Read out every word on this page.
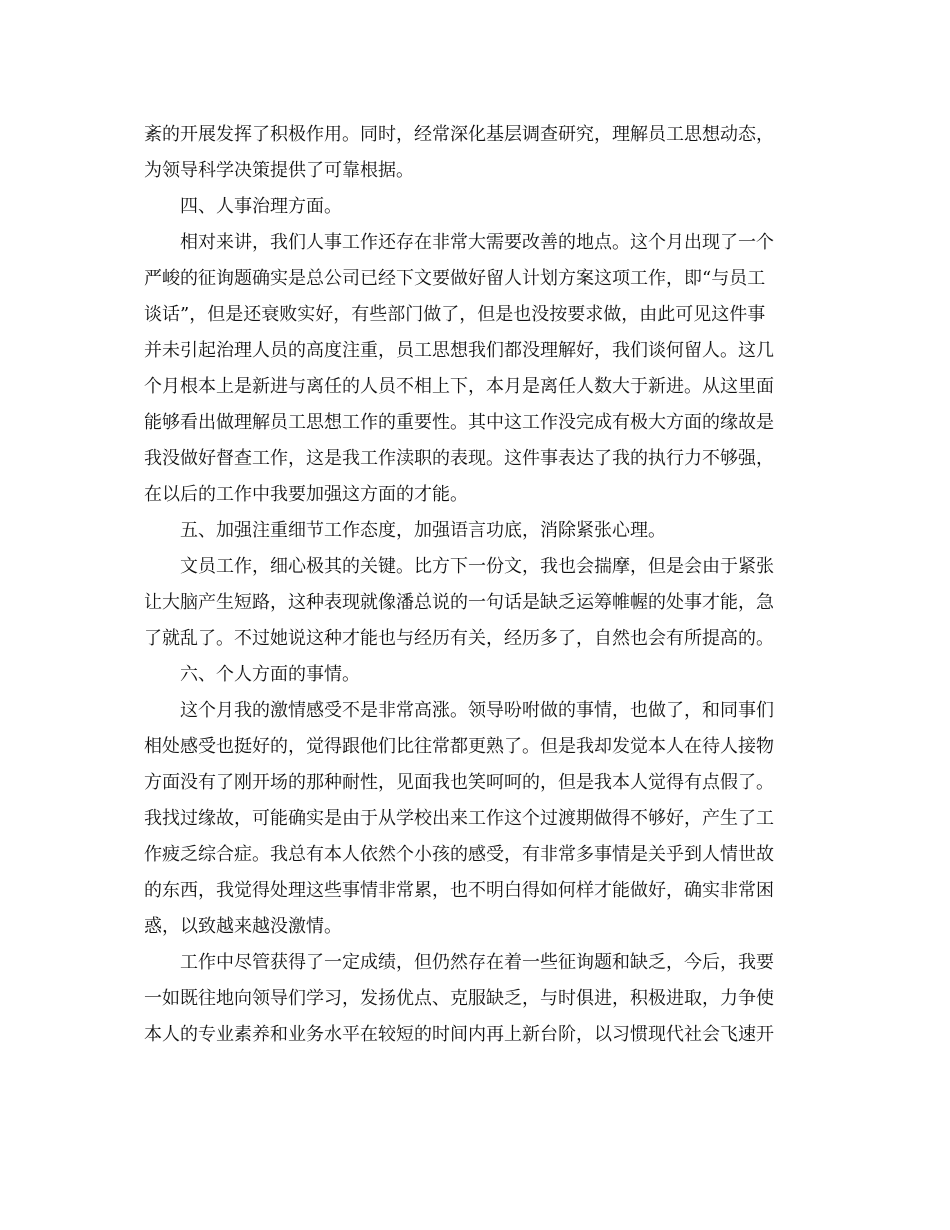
紊的开展发挥了积极作用。同时，经常深化基层调查研究，理解员工思想动态，
为领导科学决策提供了可靠根据。
四、人事治理方面。
相对来讲，我们人事工作还存在非常大需要改善的地点。这个月出现了一个
严峻的征询题确实是总公司已经下文要做好留人计划方案这项工作，即“与员工
谈话”，但是还衰败实好，有些部门做了，但是也没按要求做，由此可见这件事
并未引起治理人员的高度注重，员工思想我们都没理解好，我们谈何留人。这几
个月根本上是新进与离任的人员不相上下，本月是离任人数大于新进。从这里面
能够看出做理解员工思想工作的重要性。其中这工作没完成有极大方面的缘故是
我没做好督查工作，这是我工作渎职的表现。这件事表达了我的执行力不够强，
在以后的工作中我要加强这方面的才能。
五、加强注重细节工作态度，加强语言功底，消除紧张心理。
文员工作，细心极其的关键。比方下一份文，我也会揣摩，但是会由于紧张
让大脑产生短路，这种表现就像潘总说的一句话是缺乏运筹帷幄的处事才能，急
了就乱了。不过她说这种才能也与经历有关，经历多了，自然也会有所提高的。
六、个人方面的事情。
这个月我的激情感受不是非常高涨。领导吩咐做的事情，也做了，和同事们
相处感受也挺好的，觉得跟他们比往常都更熟了。但是我却发觉本人在待人接物
方面没有了刚开场的那种耐性，见面我也笑呵呵的，但是我本人觉得有点假了。
我找过缘故，可能确实是由于从学校出来工作这个过渡期做得不够好，产生了工
作疲乏综合症。我总有本人依然个小孩的感受，有非常多事情是关乎到人情世故
的东西，我觉得处理这些事情非常累，也不明白得如何样才能做好，确实非常困
惑，以致越来越没激情。
工作中尽管获得了一定成绩，但仍然存在着一些征询题和缺乏，今后，我要
一如既往地向领导们学习，发扬优点、克服缺乏，与时俱进，积极进取，力争使
本人的专业素养和业务水平在较短的时间内再上新台阶，以习惯现代社会飞速开
